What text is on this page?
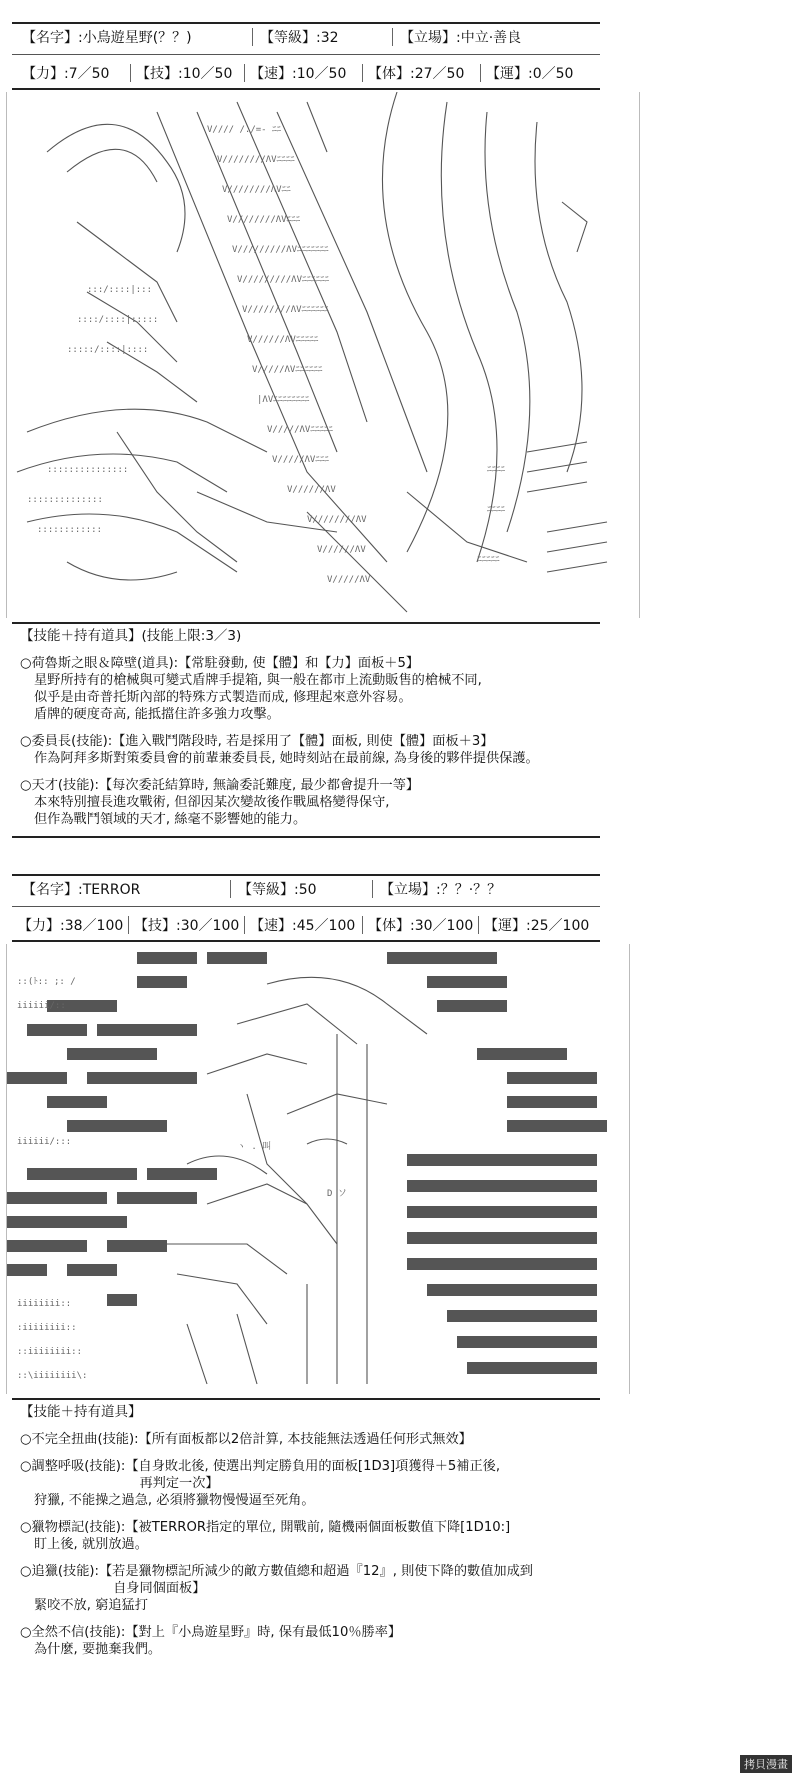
【名字】:小鳥遊星野(？？)	【等級】:32	【立場】:中立·善良
【力】:7／50 【技】:10／50 【速】:10／50 【体】:27／50 【運】:0／50
V//// /./=- ﾆﾆ
V////////ΛVﾆﾆﾆﾆ
V////////ΛVﾆﾆ
V////////ΛVﾆﾆﾆ
V/////////ΛVﾆﾆﾆﾆﾆﾆﾆ
V/////////ΛVﾆﾆﾆﾆﾆﾆ
V////////ΛVﾆﾆﾆﾆﾆﾆ
V//////ΛVﾆﾆﾆﾆﾆ
V/////ΛVﾆﾆﾆﾆﾆﾆ
|ΛVﾆﾆﾆﾆﾆﾆﾆﾆ
V/////ΛVﾆﾆﾆﾆﾆ
V/////ΛVﾆﾆﾆ
V//////ΛV
V////////ΛV
V//////ΛV
V/////ΛV
:::::::::::::::
::::::::::::::
::::::::::::
:::/::::|:::
::::/::::|:::::
:::::/::::|::::
ﾆﾆﾆﾆ
ﾆﾆﾆﾆ
ﾆﾆﾆﾆﾆ
【技能＋持有道具】(技能上限:3／3)
○荷魯斯之眼＆障壁(道具):【常駐發動, 使【體】和【力】面板＋5】
星野所持有的槍械與可變式盾牌手提箱, 與一般在都市上流動販售的槍械不同,
似乎是由奇普托斯內部的特殊方式製造而成, 修理起來意外容易。
盾牌的硬度奇高, 能抵擋住許多強力攻擊。
○委員長(技能):【進入戰鬥階段時, 若是採用了【體】面板, 則使【體】面板＋3】
作為阿拜多斯對策委員會的前輩兼委員長, 她時刻站在最前線, 為身後的夥伴提供保護。
○天才(技能):【每次委託結算時, 無論委託難度, 最少都會提升一等】
本來特別擅長進攻戰術, 但卻因某次變故後作戰風格變得保守,
但作為戰鬥領域的天才, 絲毫不影響她的能力。
【名字】:TERROR	【等級】:50	【立場】:？？·？？
【力】:38／100 【技】:30／100 【速】:45／100 【体】:30／100 【運】:25／100
::(ﾄ:: ;: /
iiiiii/::
iiiiii/:::
iiiiiiii::
:iiiiiiii::
::iiiiiiii::
::\iiiiiiii\:
ヽ . 叫
D ソ
【技能＋持有道具】
○不完全扭曲(技能):【所有面板都以2倍計算, 本技能無法透過任何形式無效】
○調整呼吸(技能):【自身敗北後, 使選出判定勝負用的面板[1D3]項獲得＋5補正後,
　　　　　　　　再判定一次】
狩獵, 不能操之過急, 必須將獵物慢慢逼至死角。
○獵物標記(技能):【被TERROR指定的單位, 開戰前, 隨機兩個面板數值下降[1D10:]
盯上後, 就別放過。
○追獵(技能):【若是獵物標記所減少的敵方數值總和超過『12』, 則使下降的數值加成到
　　　　　　自身同個面板】
緊咬不放, 窮追猛打
○全然不信(技能):【對上『小鳥遊星野』時, 保有最低10％勝率】
為什麼, 要拋棄我們。
拷貝漫畫
